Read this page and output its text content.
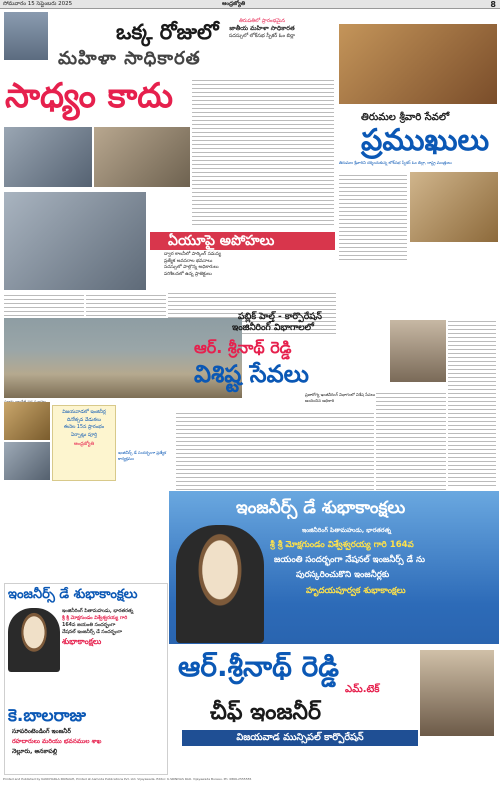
సోమవారం 15 సెప్టెంబరు 2025	ఆంధ్రజ్యోతి	8
ఒక్క రోజులో
మహిళా సాధికారత
సాధ్యం కాదు
తిరుపతిలో ప్రారంభమైన
జాతీయ మహిళా సాధికారత
సదస్సులో లోక్‌సభ స్పీకర్ ఓం బిర్లా
తిరుమల శ్రీవారి సేవలో
ప్రముఖులు
తిరుమల శ్రీవారిని దర్శించుకున్న లోక్‌సభ స్పీకర్ ఓం బిర్లా, రాష్ట్ర మంత్రులు
ఏయూపై అపోహలు
ద్వార కాలనీలో పార్కింగ్ సమస్య
ప్రత్యేక అవసరాల భవనాలు
సదస్సులో పాల్గొన్న అధికారులు
పరిశీలనలో ఉన్న ప్రాజెక్టులు
విజయవాడలో ఇంజినీర్ల
దినోత్సవ వేడుకలు
ఈనెల 15న ప్రారంభం
ఏర్పాట్లు పూర్తి
ఆంధ్రజ్యోతి
ఇంజినీర్స్ డే సందర్భంగా ప్రత్యేక కార్యక్రమం
పబ్లిక్ హెల్త్ - కార్పొరేషన్
ఇంజినీరింగ్ విభాగాలలో
ఆర్. శ్రీనాథ్ రెడ్డి
విశిష్ట సేవలు
ప్రజారోగ్య ఇంజినీరింగ్ విభాగంలో విశేష సేవలు అందించిన అధికారి
ఇంజనీర్స్ డే శుభాకాంక్షలు
ఇంజినీరింగ్ పితామహుడు, భారతరత్న
శ్రీ శ్రీ మోక్షగుండం విశ్వేశ్వరయ్య గారి 164వ
జయంతి సందర్భంగా నేషనల్ ఇంజనీర్స్ డే ను
పురస్కరించుకొని ఇంజనీర్లకు
హృదయపూర్వక శుభాకాంక్షలు
ఆర్.శ్రీనాథ్ రెడ్డి
ఎమ్.టెక్
చీఫ్ ఇంజనీర్
విజయవాడ మున్సిపల్ కార్పొరేషన్
ఇంజనీర్స్ డే శుభాకాంక్షలు
ఇంజినీరింగ్ పితామహుడు, భారతరత్న
శ్రీ శ్రీ మోక్షగుండం విశ్వేశ్వరయ్య గారి
164వ జయంతి సందర్భంగా
నేషనల్ ఇంజనీర్స్ డే సందర్భంగా
శుభాకాంక్షలు
కె.బాలరాజు
సూపరింటెండింగ్ ఇంజనీర్
రహదారులు మరియు భవనముల శాఖ
నెల్లూరు, అనకాపల్లి
Printed and Published by KANCHARLA PAMAIAH, Printed at Aamoda Publications Pvt. Ltd. Vijayawada. Editor: K.SRINIVAS RAO. Vijayawada Bureau. Ph: 0866-2555555
